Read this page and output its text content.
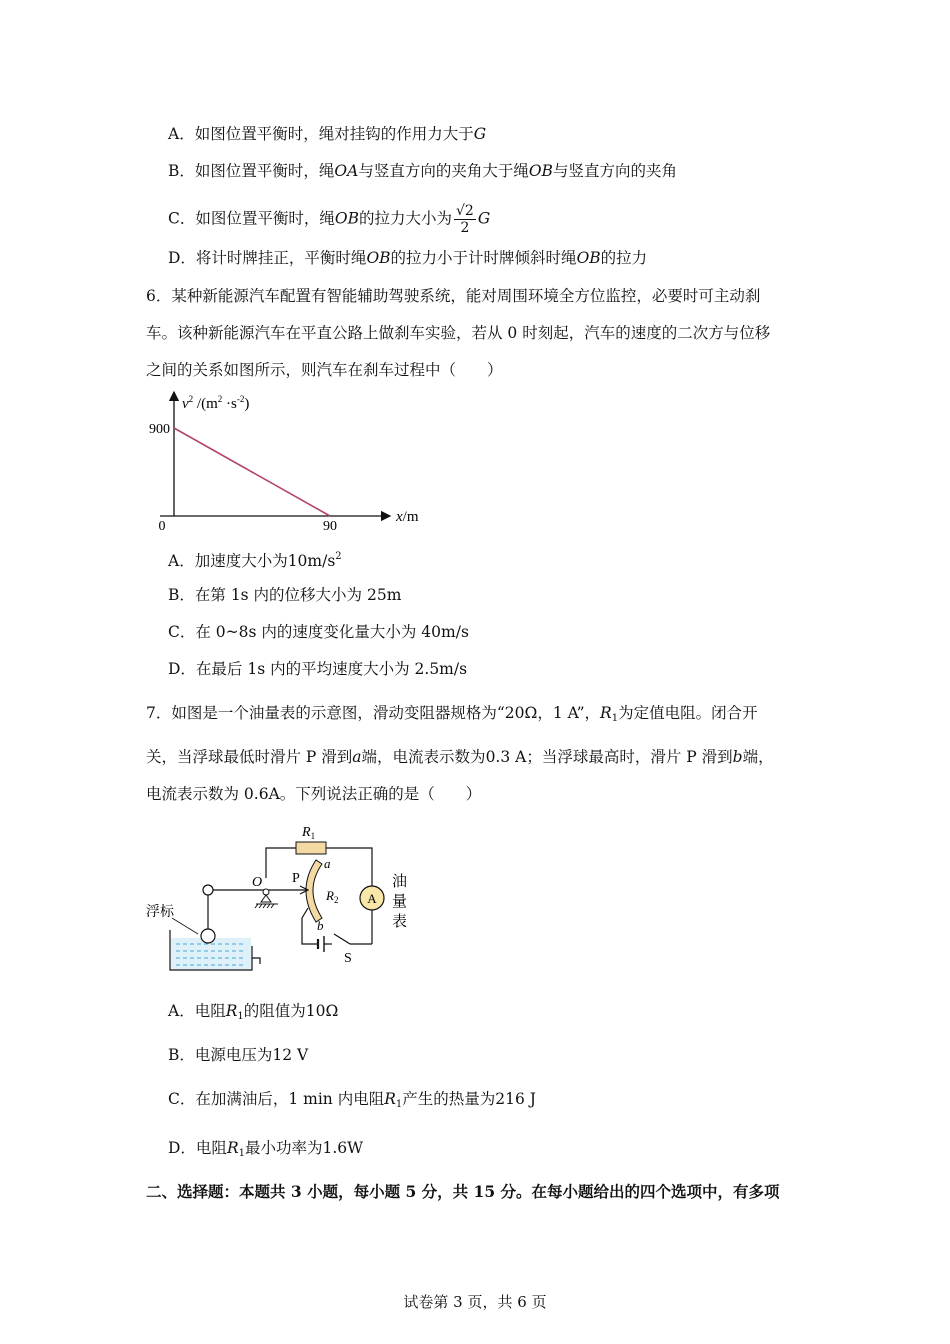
A．如图位置平衡时，绳对挂钩的作用力大于G
B．如图位置平衡时，绳OA与竖直方向的夹角大于绳OB与竖直方向的夹角
C．如图位置平衡时，绳OB的拉力大小为 $\frac{√2}{2}$ G
D．将计时牌挂正，平衡时绳OB的拉力小于计时牌倾斜时绳OB的拉力
6．某种新能源汽车配置有智能辅助驾驶系统，能对周围环境全方位监控，必要时可主动刹
车。该种新能源汽车在平直公路上做刹车实验，若从 0 时刻起，汽车的速度的二次方与位移
之间的关系如图所示，则汽车在刹车过程中（　　）
900
0	90
$v^2$ $/(m^2 \cdot s^{-2})$
x/m
A．加速度大小为$10m/s^2$
B．在第 1s 内的位移大小为 25m
C．在 0~8s 内的速度变化量大小为 40m/s
D．在最后 1s 内的平均速度大小为 2.5m/s
7．如图是一个油量表的示意图，滑动变阻器规格为“20Ω，1 A”，$R_1$为定值电阻。闭合开
关，当浮球最低时滑片 P 滑到a端，电流表示数为0.3 A；当浮球最高时，滑片 P 滑到b端，
电流表示数为 0.6A。下列说法正确的是（　　）
$R_1$
A
S
a
b
$R_2$
P
O
浮标
油
量
表
A．电阻$R_1$的阻值为10Ω
B．电源电压为12 V
C．在加满油后，1 min 内电阻$R_1$产生的热量为216 J
D．电阻$R_1$最小功率为1.6W
二、选择题：本题共 3 小题，每小题 5 分，共 15 分。在每小题给出的四个选项中，有多项
试卷第 3 页，共 6 页
